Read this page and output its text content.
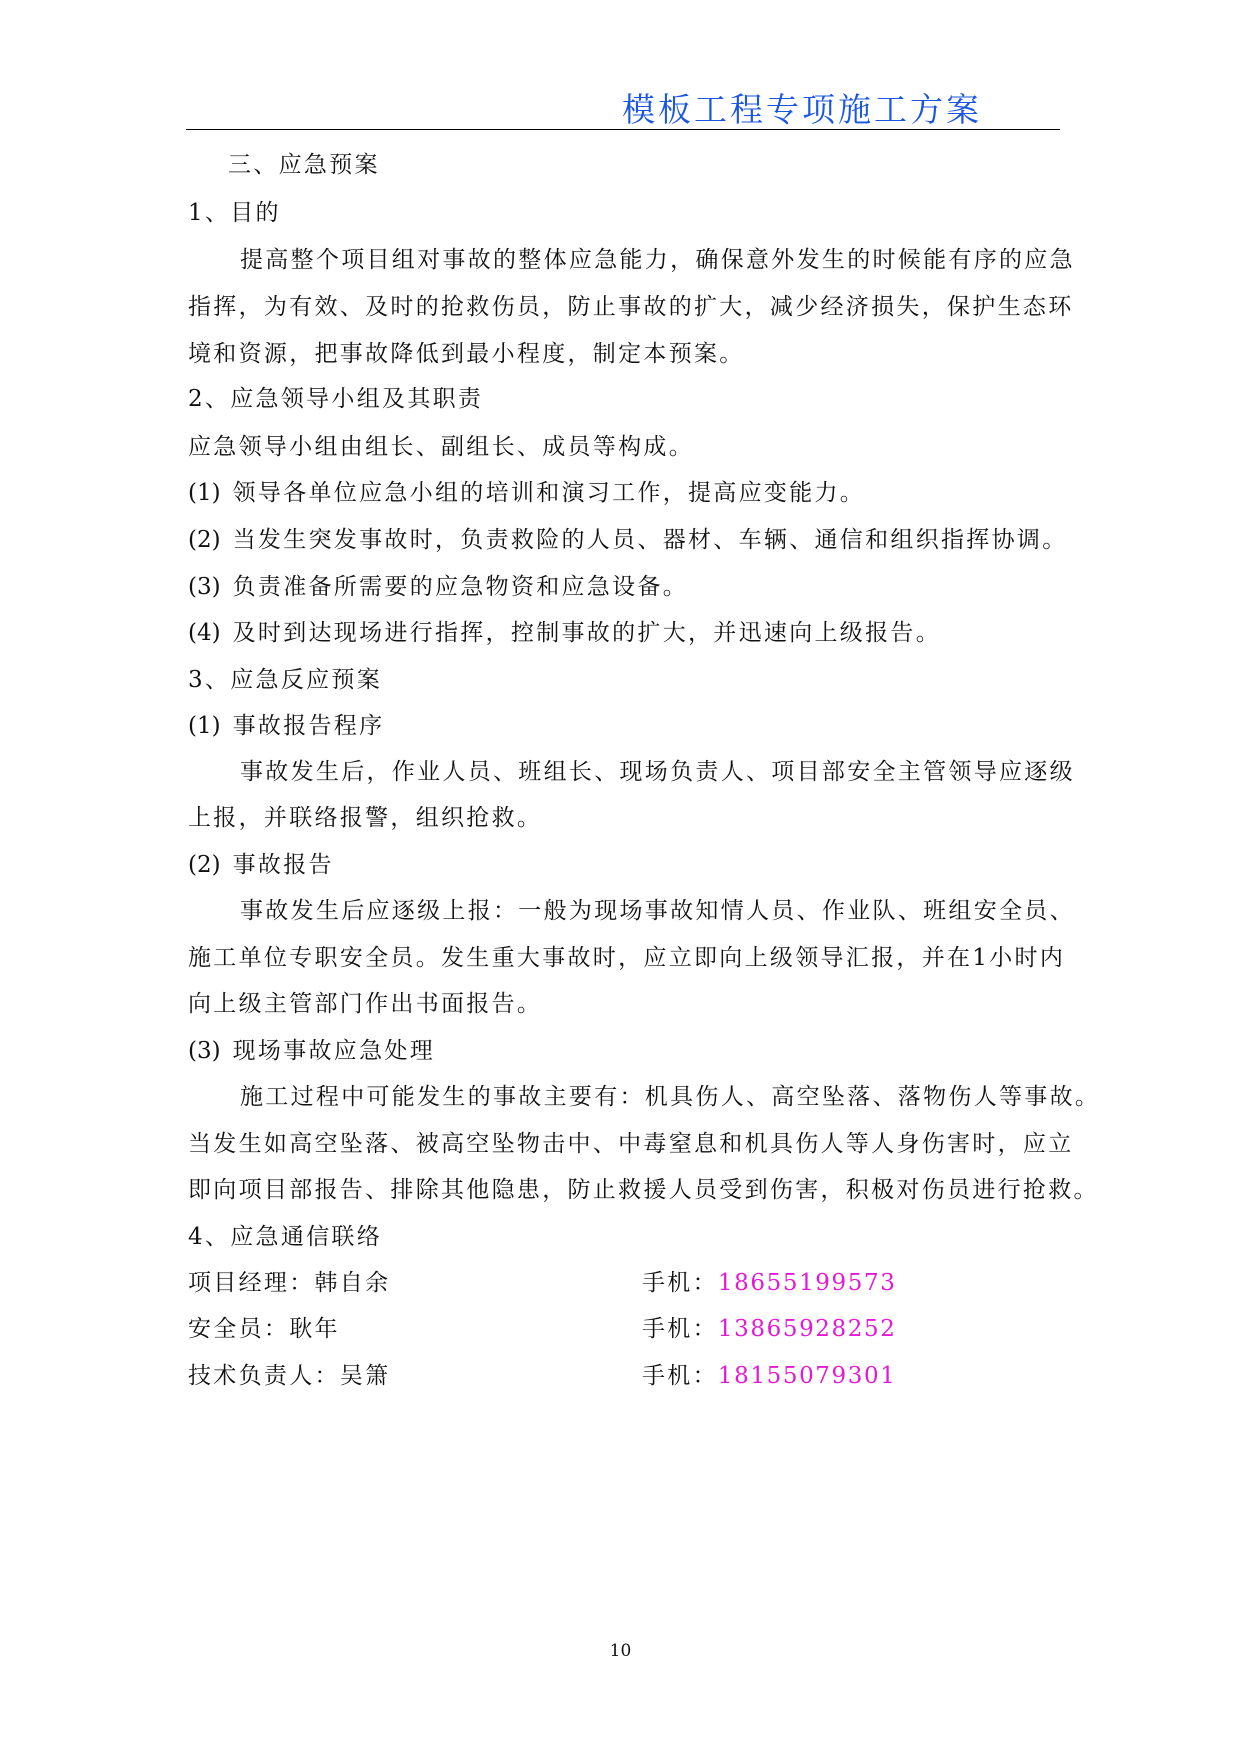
模板工程专项施工方案
三、应急预案
1、目的
提高整个项目组对事故的整体应急能力，确保意外发生的时候能有序的应急
指挥，为有效、及时的抢救伤员，防止事故的扩大，减少经济损失，保护生态环
境和资源，把事故降低到最小程度，制定本预案。
2、应急领导小组及其职责
应急领导小组由组长、副组长、成员等构成。
(1) 领导各单位应急小组的培训和演习工作，提高应变能力。
(2) 当发生突发事故时，负责救险的人员、器材、车辆、通信和组织指挥协调。
(3) 负责准备所需要的应急物资和应急设备。
(4) 及时到达现场进行指挥，控制事故的扩大，并迅速向上级报告。
3、应急反应预案
(1) 事故报告程序
事故发生后，作业人员、班组长、现场负责人、项目部安全主管领导应逐级
上报，并联络报警，组织抢救。
(2) 事故报告
事故发生后应逐级上报：一般为现场事故知情人员、作业队、班组安全员、
施工单位专职安全员。发生重大事故时，应立即向上级领导汇报，并在1小时内
向上级主管部门作出书面报告。
(3) 现场事故应急处理
施工过程中可能发生的事故主要有：机具伤人、高空坠落、落物伤人等事故。
当发生如高空坠落、被高空坠物击中、中毒窒息和机具伤人等人身伤害时，应立
即向项目部报告、排除其他隐患，防止救援人员受到伤害，积极对伤员进行抢救。
4、应急通信联络
项目经理：韩自余	手机：18655199573
安全员：耿年	手机：13865928252
技术负责人：吴箫	手机：18155079301
10
